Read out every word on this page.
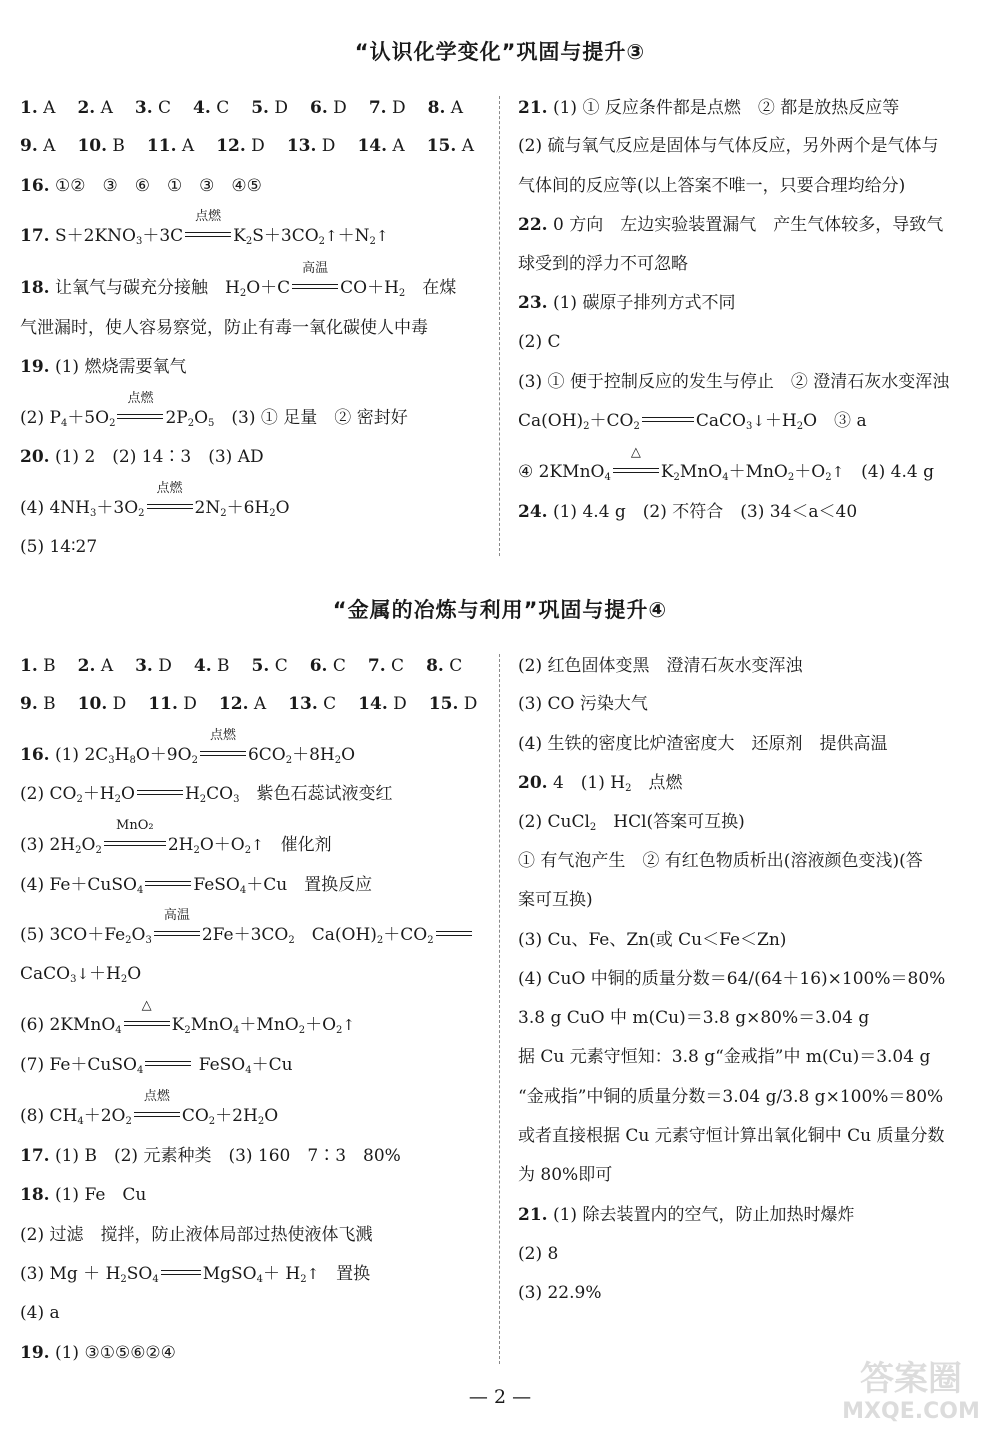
“认识化学变化”巩固与提升③
1. A 2. A 3. C 4. C 5. D 6. D 7. D 8. A
9. A 10. B 11. A 12. D 13. D 14. A 15. A
16. ①②　③　⑥　①　③　④⑤
17. $S+2KNO_3+3C$
点燃
$K_2S+3CO_2↑+N_2↑$
18. 让氧气与碳充分接触　$H_2O+C$
高温
$CO+H_2$　在煤
气泄漏时，使人容易察觉，防止有毒一氧化碳使人中毒
19. (1) 燃烧需要氧气
(2) $P_4+5O_2$
点燃
$2P_2O_5$　(3) ① 足量　② 密封好
20. (1) 2　(2) 14∶3　(3) AD
(4) $4NH_3+3O_2$
点燃
$2N_2+6H_2O$
(5) 14∶27
21. (1) ① 反应条件都是点燃　② 都是放热反应等
(2) 硫与氧气反应是固体与气体反应，另外两个是气体与
气体间的反应等(以上答案不唯一，只要合理均给分)
22. 0 方向　左边实验装置漏气　产生气体较多，导致气
球受到的浮力不可忽略
23. (1) 碳原子排列方式不同
(2) C
(3) ① 便于控制反应的发生与停止　② 澄清石灰水变浑浊
$Ca(OH)_2+CO_2$	$CaCO_3↓+H_2O$　③ a
④ 2KMnO$_4$
△
$K_2MnO_4+MnO_2+O_2↑$　(4) 4.4 g
24. (1) 4.4 g　(2) 不符合　(3) 34＜a＜40
“金属的冶炼与利用”巩固与提升④
1. B 2. A 3. D 4. B 5. C 6. C 7. C 8. C
9. B 10. D 11. D 12. A 13. C 14. D 15. D
16. (1) $2C_3H_8O+9O_2$
点燃
$6CO_2+8H_2O$
(2) $CO_2+H_2O$	$H_2CO_3$　紫色石蕊试液变红
(3) $2H_2O_2$
MnO₂
$2H_2O+O_2↑$　催化剂
(4) Fe＋CuSO$_4$	FeSO$_4$＋Cu　置换反应
(5) $3CO+Fe_2O_3$
高温
$2Fe+3CO_2$　$Ca(OH)_2+CO_2$
$CaCO_3↓+H_2O$
(6) 2KMnO$_4$
△
$K_2MnO_4+MnO_2+O_2↑$
(7) Fe＋CuSO$_4$	FeSO$_4$＋Cu
(8) $CH_4+2O_2$
点燃
$CO_2+2H_2O$
17. (1) B　(2) 元素种类　(3) 160　7∶3　80%
18. (1) Fe　Cu
(2) 过滤　搅拌，防止液体局部过热使液体飞溅
(3) $Mg + H_2SO_4$	MgSO$_4$＋ $H_2↑$　置换
(4) a
19. (1) ③①⑤⑥②④
(2) 红色固体变黑　澄清石灰水变浑浊
(3) CO 污染大气
(4) 生铁的密度比炉渣密度大　还原剂　提供高温
20. 4　(1) $H_2$　点燃
(2) CuCl$_2$　HCl(答案可互换)
① 有气泡产生　② 有红色物质析出(溶液颜色变浅)(答
案可互换)
(3) Cu、Fe、Zn(或 Cu＜Fe＜Zn)
(4) CuO 中铜的质量分数＝64/(64＋16)×100%＝80%
3.8 g CuO 中 m(Cu)＝3.8 g×80%＝3.04 g
据 Cu 元素守恒知：3.8 g“金戒指”中 m(Cu)＝3.04 g
“金戒指”中铜的质量分数＝3.04 g/3.8 g×100%＝80%
或者直接根据 Cu 元素守恒计算出氧化铜中 Cu 质量分数
为 80%即可
21. (1) 除去装置内的空气，防止加热时爆炸
(2) 8
(3) 22.9%
— 2 —	答案圈
MXQE.COM
